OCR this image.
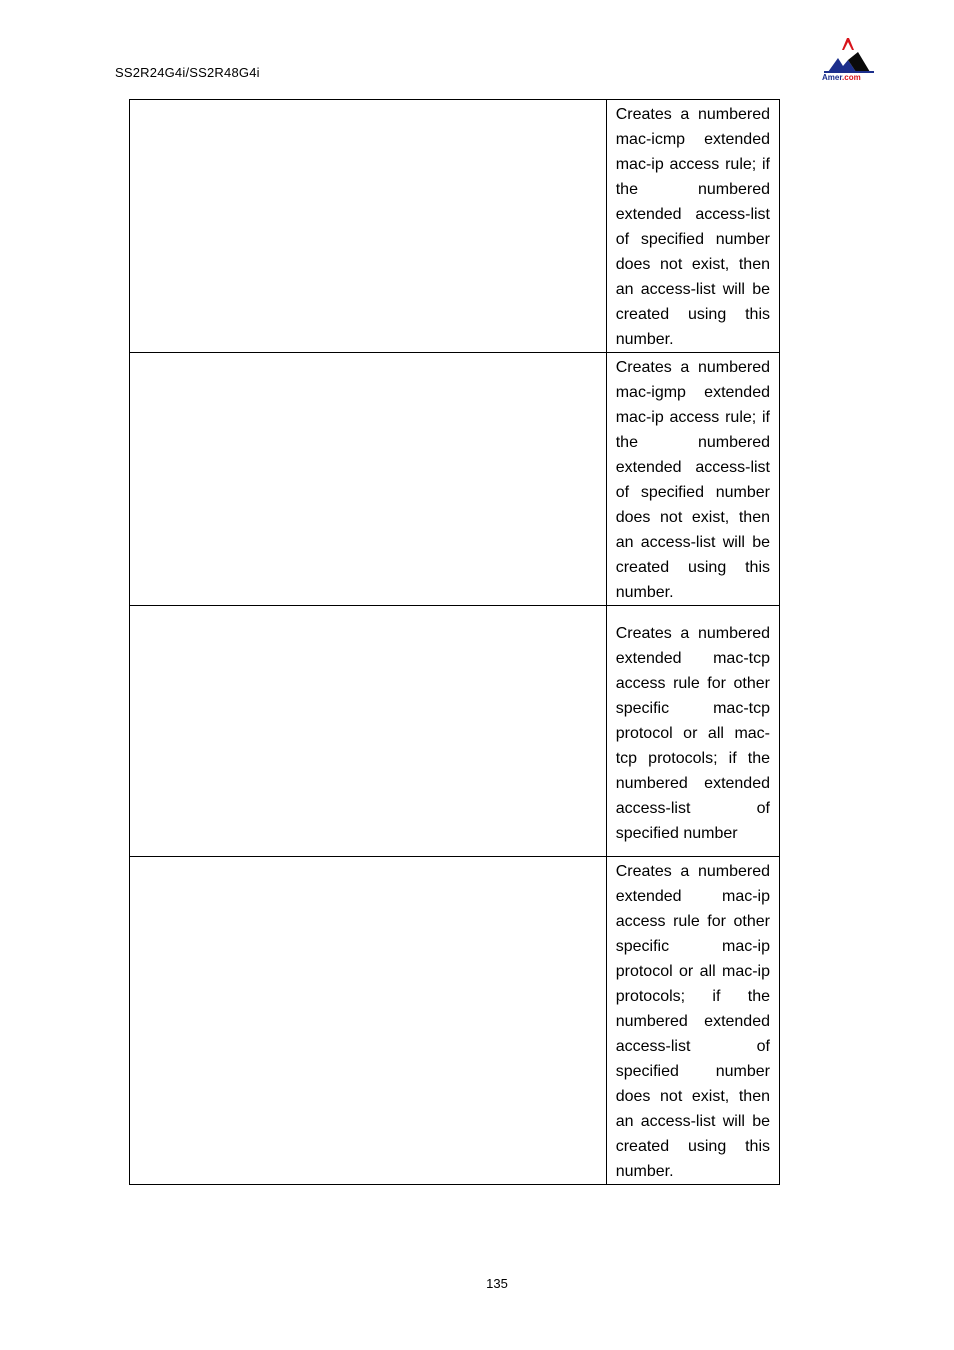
SS2R24G4i/SS2R48G4i	Amer.com

	Creates a numbered mac-icmp extended mac-ip access rule; if the numbered extended access-list of specified number does not exist, then an access-list will be created using this number.

	Creates a numbered mac-igmp extended mac-ip access rule; if the numbered extended access-list of specified number does not exist, then an access-list will be created using this number.

	Creates a numbered extended mac-tcp access rule for other specific mac-tcp protocol or all mac-tcp protocols; if the numbered extended access-list of specified number

	Creates a numbered extended mac-ip access rule for other specific mac-ip protocol or all mac-ip protocols; if the numbered extended access-list of specified number does not exist, then an access-list will be created using this number.
135
